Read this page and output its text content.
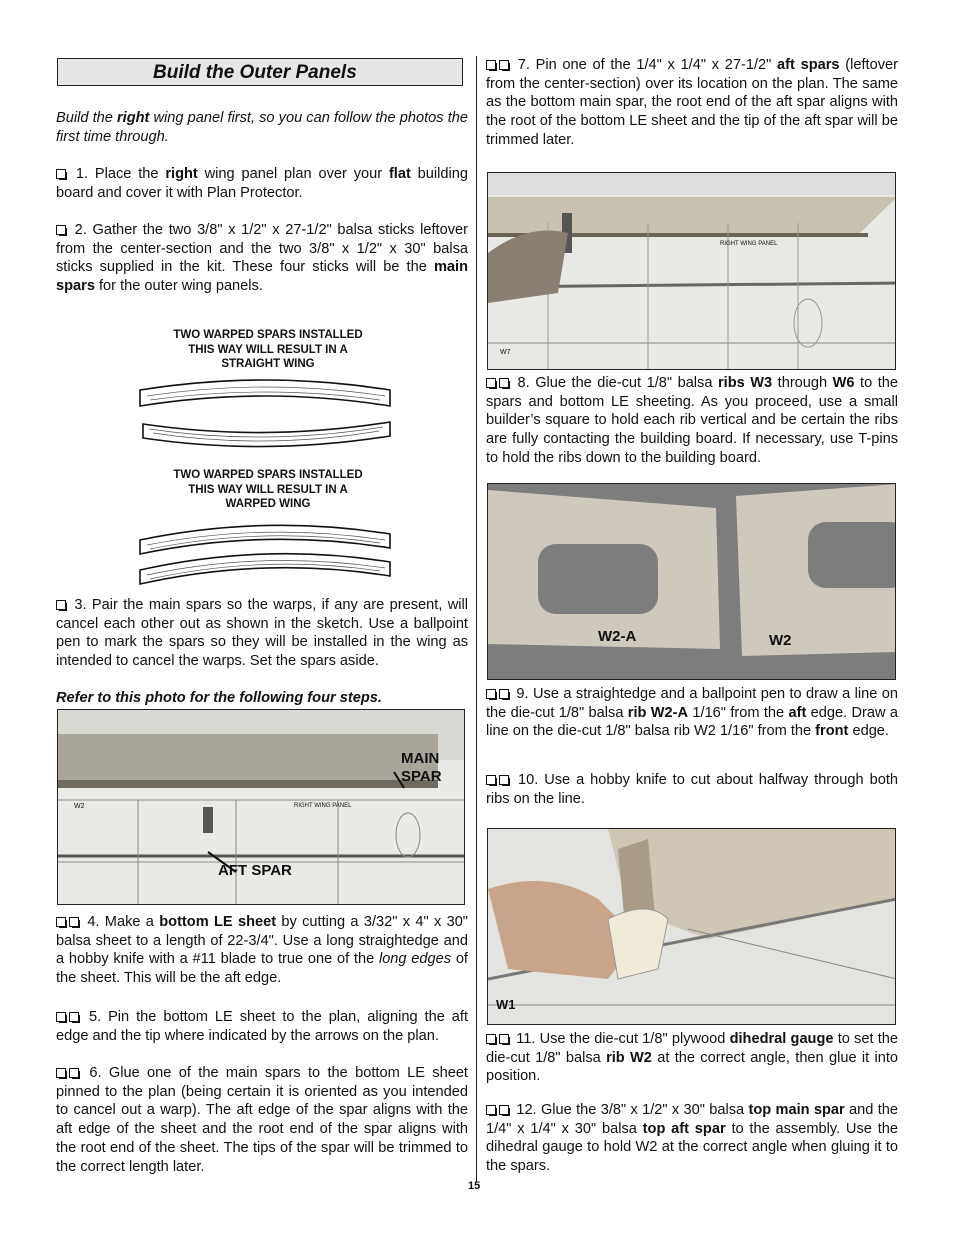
Build the Outer Panels

Build the right wing panel first, so you can follow the photos the first time through.

1. Place the right wing panel plan over your flat building board and cover it with Plan Protector.

2. Gather the two 3/8" x 1/2" x 27-1/2" balsa sticks leftover from the center-section and the two 3/8" x 1/2" x 30" balsa sticks supplied in the kit. These four sticks will be the main spars for the outer wing panels.

TWO WARPED SPARS INSTALLED
THIS WAY WILL RESULT IN A
STRAIGHT WING
TWO WARPED SPARS INSTALLED
THIS WAY WILL RESULT IN A
WARPED WING

3. Pair the main spars so the warps, if any are present, will cancel each other out as shown in the sketch. Use a ballpoint pen to mark the spars so they will be installed in the wing as intended to cancel the warps. Set the spars aside.

Refer to this photo for the following four steps.
MAIN
SPAR
AFT SPAR
RIGHT WING PANEL
W2

4. Make a bottom LE sheet by cutting a 3/32" x 4" x 30" balsa sheet to a length of 22-3/4". Use a long straightedge and a hobby knife with a #11 blade to true one of the long edges of the sheet. This will be the aft edge.

5. Pin the bottom LE sheet to the plan, aligning the aft edge and the tip where indicated by the arrows on the plan.

6. Glue one of the main spars to the bottom LE sheet pinned to the plan (being certain it is oriented as you intended to cancel out a warp). The aft edge of the spar aligns with the aft edge of the sheet and the root end of the spar aligns with the root end of the sheet. The tips of the spar will be trimmed to the correct length later.

7. Pin one of the 1/4" x 1/4" x 27-1/2" aft spars (leftover from the center-section) over its location on the plan. The same as the bottom main spar, the root end of the aft spar aligns with the root of the bottom LE sheet and the tip of the aft spar will be trimmed later.

RIGHT WING PANEL
W7

8. Glue the die-cut 1/8" balsa ribs W3 through W6 to the spars and bottom LE sheeting. As you proceed, use a small builder’s square to hold each rib vertical and be certain the ribs are fully contacting the building board. If necessary, use T-pins to hold the ribs down to the building board.

W2-A	W2

9. Use a straightedge and a ballpoint pen to draw a line on the die-cut 1/8" balsa rib W2-A 1/16" from the aft edge. Draw a line on the die-cut 1/8" balsa rib W2 1/16" from the front edge.

10. Use a hobby knife to cut about halfway through both ribs on the line.

W1

11. Use the die-cut 1/8" plywood dihedral gauge to set the die-cut 1/8" balsa rib W2 at the correct angle, then glue it into position.

12. Glue the 3/8" x 1/2" x 30" balsa top main spar and the 1/4" x 1/4" x 30" balsa top aft spar to the assembly. Use the dihedral gauge to hold W2 at the correct angle when gluing it to the spars.

15
